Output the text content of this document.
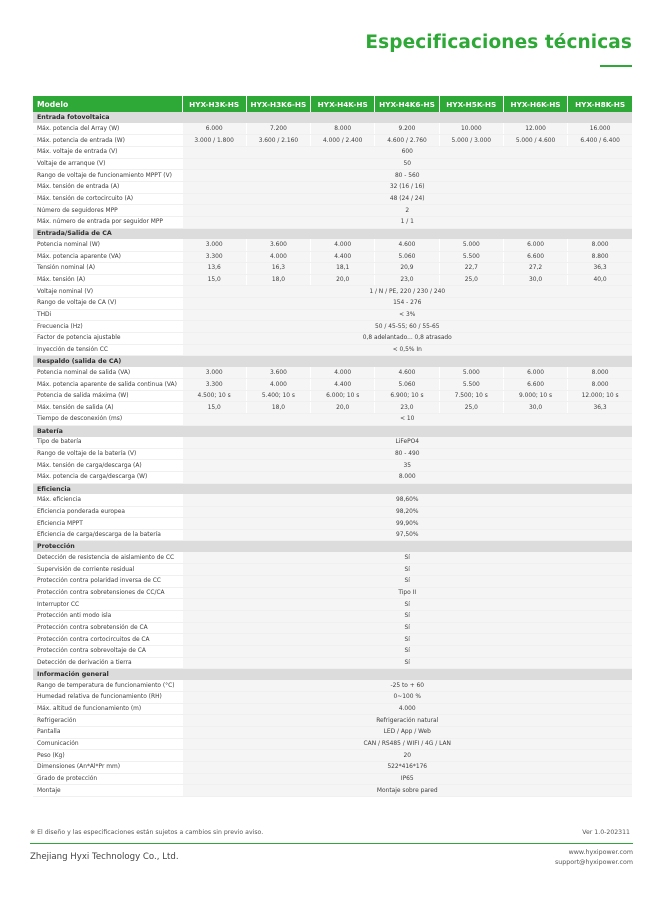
Especificaciones técnicas
Modelo	HYX-H3K-HS	HYX-H3K6-HS	HYX-H4K-HS	HYX-H4K6-HS	HYX-H5K-HS	HYX-H6K-HS	HYX-H8K-HS
Entrada fotovoltaica							
Máx. potencia del Array (W)	6.000	7.200	8.000	9.200	10.000	12.000	16.000
Máx. potencia de entrada (W)	3.000 / 1.800	3.600 / 2.160	4.000 / 2.400	4.600 / 2.760	5.000 / 3.000	5.000 / 4.600	6.400 / 6.400
Máx. voltaje de entrada (V)	600						
Voltaje de arranque (V)	50						
Rango de voltaje de funcionamiento MPPT (V)	80 - 560						
Máx. tensión de entrada (A)	32 (16 / 16)						
Máx. tensión de cortocircuito (A)	48 (24 / 24)						
Número de seguidores MPP	2						
Máx. número de entrada por seguidor MPP	1 / 1						
Entrada/Salida de CA							
Potencia nominal (W)	3.000	3.600	4.000	4.600	5.000	6.000	8.000
Máx. potencia aparente (VA)	3.300	4.000	4.400	5.060	5.500	6.600	8.800
Tensión nominal (A)	13,6	16,3	18,1	20,9	22,7	27,2	36,3
Máx. tensión (A)	15,0	18,0	20,0	23,0	25,0	30,0	40,0
Voltaje nominal (V)	1 / N / PE, 220 / 230 / 240						
Rango de voltaje de CA (V)	154 - 276						
THDi	< 3%						
Frecuencia (Hz)	50 / 45-55; 60 / 55-65						
Factor de potencia ajustable	0,8 adelantado... 0,8 atrasado						
Inyección de tensión CC	< 0,5% In						
Respaldo (salida de CA)							
Potencia nominal de salida (VA)	3.000	3.600	4.000	4.600	5.000	6.000	8.000
Máx. potencia aparente de salida continua (VA)	3.300	4.000	4.400	5.060	5.500	6.600	8.000
Potencia de salida máxima (W)	4.500; 10 s	5.400; 10 s	6.000; 10 s	6.900; 10 s	7.500; 10 s	9.000; 10 s	12.000; 10 s
Máx. tensión de salida (A)	15,0	18,0	20,0	23,0	25,0	30,0	36,3
Tiempo de desconexión (ms)	< 10						
Batería							
Tipo de batería	LiFePO4						
Rango de voltaje de la batería (V)	80 - 490						
Máx. tensión de carga/descarga (A)	35						
Máx. potencia de carga/descarga (W)	8.000						
Eficiencia							
Máx. eficiencia	98,60%						
Eficiencia ponderada europea	98,20%						
Eficiencia MPPT	99,90%						
Eficiencia de carga/descarga de la batería	97,50%						
Protección							
Detección de resistencia de aislamiento de CC	Sí						
Supervisión de corriente residual	Sí						
Protección contra polaridad inversa de CC	Sí						
Protección contra sobretensiones de CC/CA	Tipo II						
Interruptor CC	Sí						
Protección anti modo isla	Sí						
Protección contra sobretensión de CA	Sí						
Protección contra cortocircuitos de CA	Sí						
Protección contra sobrevoltaje de CA	Sí						
Detección de derivación a tierra	Sí						
Información general							
Rango de temperatura de funcionamiento (°C)	-25 to + 60						
Humedad relativa de funcionamiento (RH)	0~100 %						
Máx. altitud de funcionamiento (m)	4.000						
Refrigeración	Refrigeración natural						
Pantalla	LED / App / Web						
Comunicación	CAN / RS485 / WIFI / 4G / LAN						
Peso (Kg)	20						
Dimensiones (An*Al*Pr mm)	522*416*176						
Grado de protección	IP65						
Montaje	Montaje sobre pared						
※ El diseño y las especificaciones están sujetos a cambios sin previo aviso.	Ver 1.0-202311
Zhejiang Hyxi Technology Co., Ltd.	www.hyxipower.com
support@hyxipower.com
